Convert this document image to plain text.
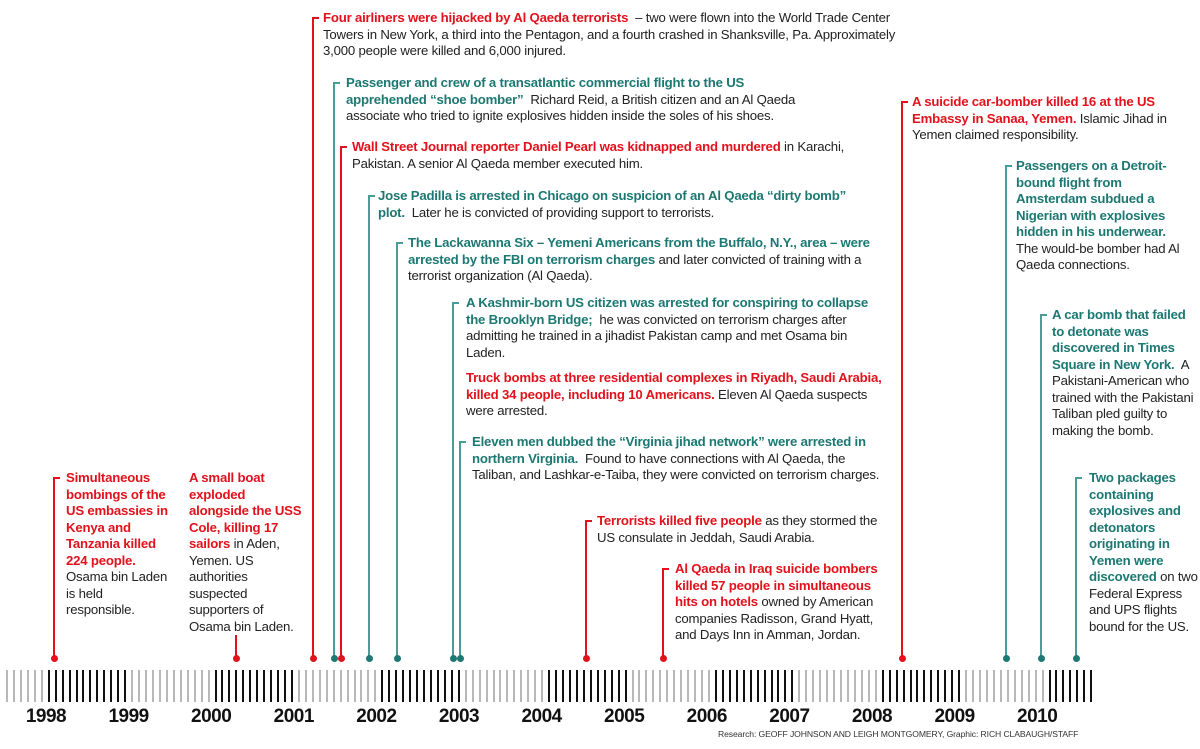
Simultaneous bombings of the US embassies in Kenya and Tanzania killed 224 people. Osama bin Laden is held responsible.
A small boat exploded alongside the USS Cole, killing 17 sailors in Aden, Yemen. US authorities suspected supporters of Osama bin Laden.
Four airliners were hijacked by Al Qaeda terrorists – two were flown into the World Trade Center Towers in New York, a third into the Pentagon, and a fourth crashed in Shanksville, Pa. Approximately 3,000 people were killed and 6,000 injured.
Passenger and crew of a transatlantic commercial flight to the US apprehended “shoe bomber” Richard Reid, a British citizen and an Al Qaeda associate who tried to ignite explosives hidden inside the soles of his shoes.
Wall Street Journal reporter Daniel Pearl was kidnapped and murdered in Karachi, Pakistan. A senior Al Qaeda member executed him.
Jose Padilla is arrested in Chicago on suspicion of an Al Qaeda “dirty bomb” plot. Later he is convicted of providing support to terrorists.
The Lackawanna Six – Yemeni Americans from the Buffalo, N.Y., area – were arrested by the FBI on terrorism charges and later convicted of training with a terrorist organization (Al Qaeda).
A Kashmir-born US citizen was arrested for conspiring to collapse the Brooklyn Bridge; he was convicted on terrorism charges after admitting he trained in a jihadist Pakistan camp and met Osama bin Laden.
Truck bombs at three residential complexes in Riyadh, Saudi Arabia, killed 34 people, including 10 Americans. Eleven Al Qaeda suspects were arrested.
Eleven men dubbed the “Virginia jihad network” were arrested in northern Virginia. Found to have connections with Al Qaeda, the Taliban, and Lashkar-e-Taiba, they were convicted on terrorism charges.
Terrorists killed five people as they stormed the US consulate in Jeddah, Saudi Arabia.
Al Qaeda in Iraq suicide bombers killed 57 people in simultaneous hits on hotels owned by American companies Radisson, Grand Hyatt, and Days Inn in Amman, Jordan.
A suicide car-bomber killed 16 at the US Embassy in Sanaa, Yemen. Islamic Jihad in Yemen claimed responsibility.
Passengers on a Detroit-bound flight from Amsterdam subdued a Nigerian with explosives hidden in his underwear.  The would-be bomber had Al Qaeda connections.
A car bomb that failed to detonate was discovered in Times Square in New York. A Pakistani-American who trained with the Pakistani Taliban pled guilty to making the bomb.
Two packages containing explosives and detonators originating in Yemen were discovered on two Federal Express and UPS flights bound for the US.
1998 1999 2000 2001 2002 2003 2004 2005 2006 2007 2008 2009 2010
Research: GEOFF JOHNSON AND LEIGH MONTGOMERY, Graphic: RICH CLABAUGH/STAFF
